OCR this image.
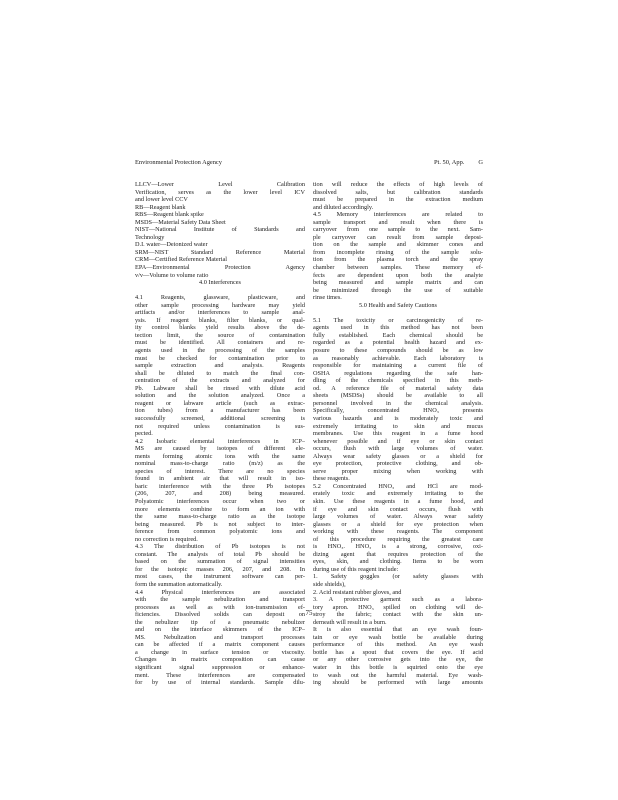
Environmental Protection Agency	Pt. 50, App. G
LLCV—Lower Level Calibration
Verification, serves as the lower level ICV
and lower level CCV
RB—Reagent blank
RBS—Reagent blank spike
MSDS—Material Safety Data Sheet
NIST—National Institute of Standards and
Technology
D.I. water—Deionized water
SRM—NIST Standard Reference Material
CRM—Certified Reference Material
EPA—Environmental Protection Agency
v/v—Volume to volume ratio
4.0 Interferences
4.1 Reagents, glassware, plasticware, and
other sample processing hardware may yield
artifacts and/or interferences to sample anal-
ysis. If reagent blanks, filter blanks, or qual-
ity control blanks yield results above the de-
tection limit, the source of contamination
must be identified. All containers and re-
agents used in the processing of the samples
must be checked for contamination prior to
sample extraction and analysis. Reagents
shall be diluted to match the final con-
centration of the extracts and analyzed for
Pb. Labware shall be rinsed with dilute acid
solution and the solution analyzed. Once a
reagent or labware article (such as extrac-
tion tubes) from a manufacturer has been
successfully screened, additional screening is
not required unless contamination is sus-
pected.
4.2 Isobaric elemental interferences in ICP–
MS are caused by isotopes of different ele-
ments forming atomic ions with the same
nominal mass-to-charge ratio (m/z) as the
species of interest. There are no species
found in ambient air that will result in iso-
baric interference with the three Pb isotopes
(206, 207, and 208) being measured.
Polyatomic interferences occur when two or
more elements combine to form an ion with
the same mass-to-charge ratio as the isotope
being measured. Pb is not subject to inter-
ference from common polyatomic ions and
no correction is required.
4.3 The distribution of Pb isotopes is not
constant. The analysis of total Pb should be
based on the summation of signal intensities
for the isotopic masses 206, 207, and 208. In
most cases, the instrument software can per-
form the summation automatically.
4.4 Physical interferences are associated
with the sample nebulization and transport
processes as well as with ion-transmission ef-
ficiencies. Dissolved solids can deposit on
the nebulizer tip of a pneumatic nebulizer
and on the interface skimmers of the ICP–
MS. Nebulization and transport processes
can be affected if a matrix component causes
a change in surface tension or viscosity.
Changes in matrix composition can cause
significant signal suppression or enhance-
ment. These interferences are compensated
for by use of internal standards. Sample dilu-
tion will reduce the effects of high levels of
dissolved salts, but calibration standards
must be prepared in the extraction medium
and diluted accordingly.
4.5 Memory interferences are related to
sample transport and result when there is
carryover from one sample to the next. Sam-
ple carryover can result from sample deposi-
tion on the sample and skimmer cones and
from incomplete rinsing of the sample solu-
tion from the plasma torch and the spray
chamber between samples. These memory ef-
fects are dependent upon both the analyte
being measured and sample matrix and can
be minimized through the use of suitable
rinse times.
5.0 Health and Safety Cautions
5.1 The toxicity or carcinogenicity of re-
agents used in this method has not been
fully established. Each chemical should be
regarded as a potential health hazard and ex-
posure to these compounds should be as low
as reasonably achievable. Each laboratory is
responsible for maintaining a current file of
OSHA regulations regarding the safe han-
dling of the chemicals specified in this meth-
od. A reference file of material safety data
sheets (MSDSs) should be available to all
personnel involved in the chemical analysis.
Specifically, concentrated HNO₃ presents
various hazards and is moderately toxic and
extremely irritating to skin and mucus
membranes. Use this reagent in a fume hood
whenever possible and if eye or skin contact
occurs, flush with large volumes of water.
Always wear safety glasses or a shield for
eye protection, protective clothing, and ob-
serve proper mixing when working with
these reagents.
5.2 Concentrated HNO₃ and HCl are mod-
erately toxic and extremely irritating to the
skin. Use these reagents in a fume hood, and
if eye and skin contact occurs, flush with
large volumes of water. Always wear safety
glasses or a shield for eye protection when
working with these reagents. The component
of this procedure requiring the greatest care
is HNO₃. HNO₃ is a strong, corrosive, oxi-
dizing agent that requires protection of the
eyes, skin, and clothing. Items to be worn
during use of this reagent include:
1. Safety goggles (or safety glasses with
side shields),
2. Acid resistant rubber gloves, and
3. A protective garment such as a labora-
tory apron. HNO₃ spilled on clothing will de-
stroy the fabric; contact with the skin un-
derneath will result in a burn.
It is also essential that an eye wash foun-
tain or eye wash bottle be available during
performance of this method. An eye wash
bottle has a spout that covers the eye. If acid
or any other corrosive gets into the eye, the
water in this bottle is squirted onto the eye
to wash out the harmful material. Eye wash-
ing should be performed with large amounts
75
